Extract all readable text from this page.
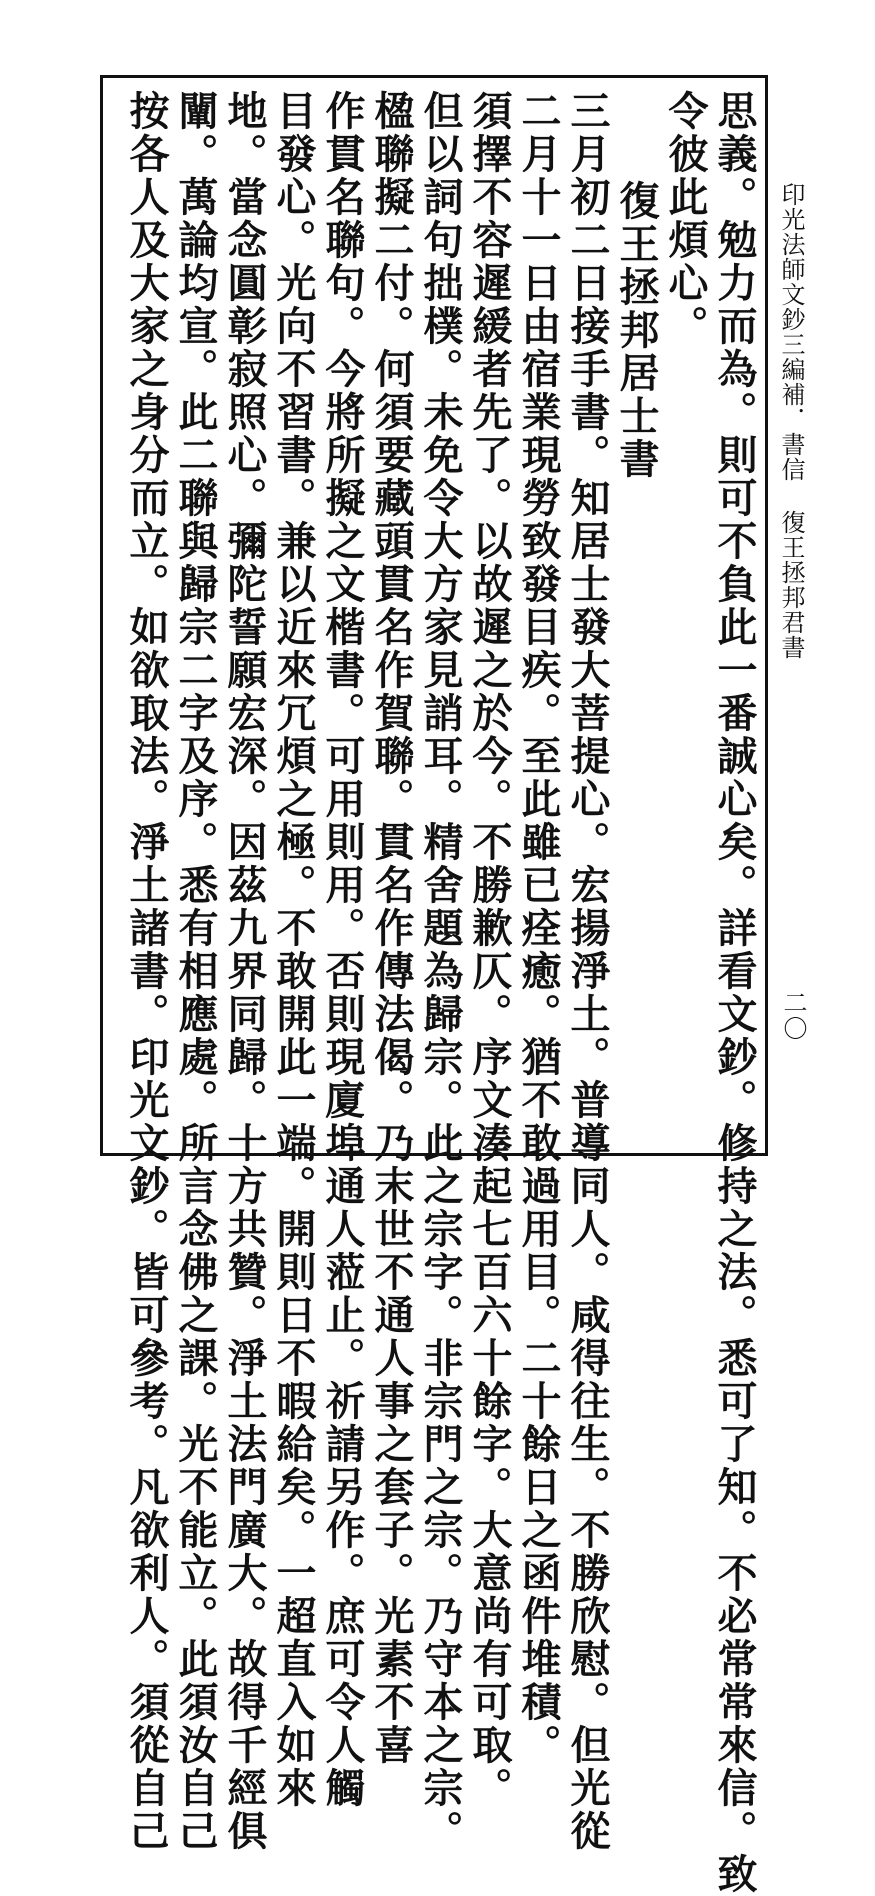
印光法師文鈔三編補．書信復王拯邦君書
二〇
思義。勉力而為。則可不負此一番誠心矣。詳看文鈔。修持之法。悉可了知。不必常常來信。致
令彼此煩心。
復王拯邦居士書
三月初二日接手書。知居士發大菩提心。宏揚淨土。普導同人。咸得往生。不勝欣慰。但光從
二月十一日由宿業現勞致發目疾。至此雖已痊癒。猶不敢過用目。二十餘日之函件堆積。
須擇不容遲緩者先了。以故遲之於今。不勝歉仄。序文湊起七百六十餘字。大意尚有可取。
但以詞句拙樸。未免令大方家見誚耳。精舍題為歸宗。此之宗字。非宗門之宗。乃守本之宗。
楹聯擬二付。何須要藏頭貫名作賀聯。貫名作傳法偈。乃末世不通人事之套子。光素不喜
作貫名聯句。今將所擬之文楷書。可用則用。否則現廈埠通人蒞止。祈請另作。庶可令人觸
目發心。光向不習書。兼以近來冗煩之極。不敢開此一端。開則日不暇給矣。一超直入如來
地。當念圓彰寂照心。彌陀誓願宏深。因茲九界同歸。十方共贊。淨土法門廣大。故得千經俱
闡。萬論均宣。此二聯與歸宗二字及序。悉有相應處。所言念佛之課。光不能立。此須汝自己
按各人及大家之身分而立。如欲取法。淨土諸書。印光文鈔。皆可參考。凡欲利人。須從自己
